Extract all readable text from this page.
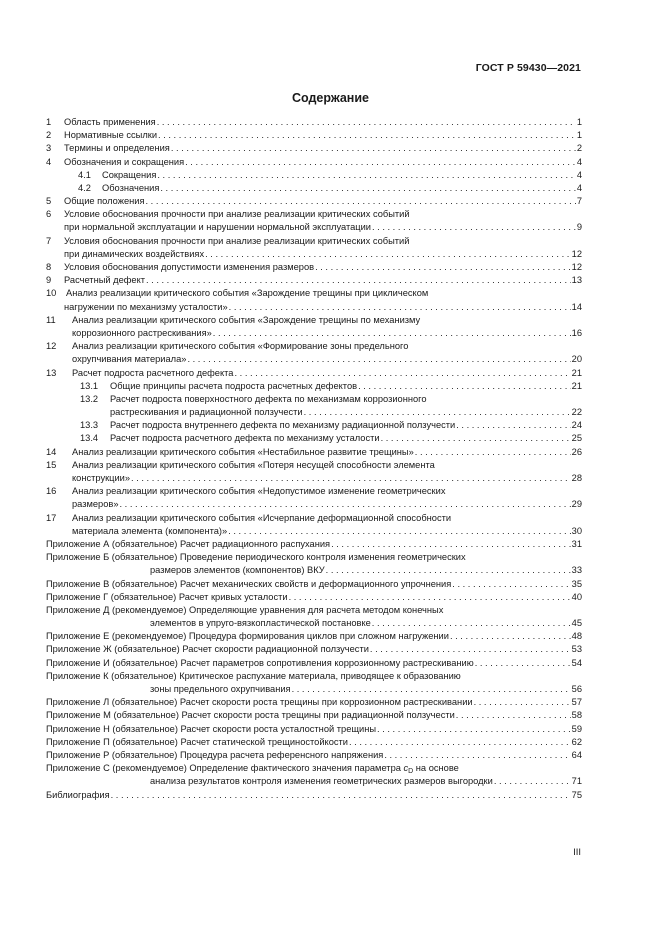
ГОСТ Р 59430—2021
Содержание
1	Область применения . . .	1
2	Нормативные ссылки . . .	1
3	Термины и определения . . .	2
4	Обозначения и сокращения . . .	4
4.1	Сокращения . . .	4
4.2	Обозначения . . .	4
5	Общие положения . . .	7
6 Условие обоснования прочности при анализе реализации критических событий
при нормальной эксплуатации и нарушении нормальной эксплуатации . . .	9
7 Условия обоснования прочности при анализе реализации критических событий
при динамических воздействиях . . .	12
8	Условия обоснования допустимости изменения размеров . . .	12
9	Расчетный дефект . . .	13
10 Анализ реализации критического события «Зарождение трещины при циклическом
нагружении по механизму усталости» . . .	14
11 Анализ реализации критического события «Зарождение трещины по механизму
коррозионного растрескивания» . . .	16
12 Анализ реализации критического события «Формирование зоны предельного
охрупчивания материала» . . .	20
13	Расчет подроста расчетного дефекта . . .	21
13.1	Общие принципы расчета подроста расчетных дефектов . . .	21
13.2 Расчет подроста поверхностного дефекта по механизмам коррозионного
растрескивания и радиационной ползучести . . .	22
13.3	Расчет подроста внутреннего дефекта по механизму радиационной ползучести . . .	24
13.4	Расчет подроста расчетного дефекта по механизму усталости . . .	25
14	Анализ реализации критического события «Нестабильное развитие трещины» . . .	26
15 Анализ реализации критического события «Потеря несущей способности элемента
конструкции» . . .	28
16 Анализ реализации критического события «Недопустимое изменение геометрических
размеров» . . .	29
17 Анализ реализации критического события «Исчерпание деформационной способности
материала элемента (компонента)» . . .	30
Приложение А (обязательное) Расчет радиационного распухания . . .	31
Приложение Б (обязательное) Проведение периодического контроля изменения геометрических
размеров элементов (компонентов) ВКУ . . .	33
Приложение В (обязательное) Расчет механических свойств и деформационного упрочнения . . .	35
Приложение Г (обязательное) Расчет кривых усталости . . .	40
Приложение Д (рекомендуемое) Определяющие уравнения для расчета методом конечных
элементов в упруго-вязкопластической постановке . . .	45
Приложение Е (рекомендуемое) Процедура формирования циклов при сложном нагружении . . .	48
Приложение Ж (обязательное) Расчет скорости радиационной ползучести . . .	53
Приложение И (обязательное) Расчет параметров сопротивления коррозионному растрескиванию . . .	54
Приложение К (обязательное) Критическое распухание материала, приводящее к образованию
зоны предельного охрупчивания . . .	56
Приложение Л (обязательное) Расчет скорости роста трещины при коррозионном растрескивании . . .	57
Приложение М (обязательное) Расчет скорости роста трещины при радиационной ползучести . . .	58
Приложение Н (обязательное) Расчет скорости роста усталостной трещины . . .	59
Приложение П (обязательное) Расчет статической трещиностойкости . . .	62
Приложение Р (обязательное) Процедура расчета референсного напряжения . . .	64
Приложение С (рекомендуемое) Определение фактического значения параметра $c_D$ на основе
анализа результатов контроля изменения геометрических размеров выгородки . . .	71
Библиография . . .	75
III
